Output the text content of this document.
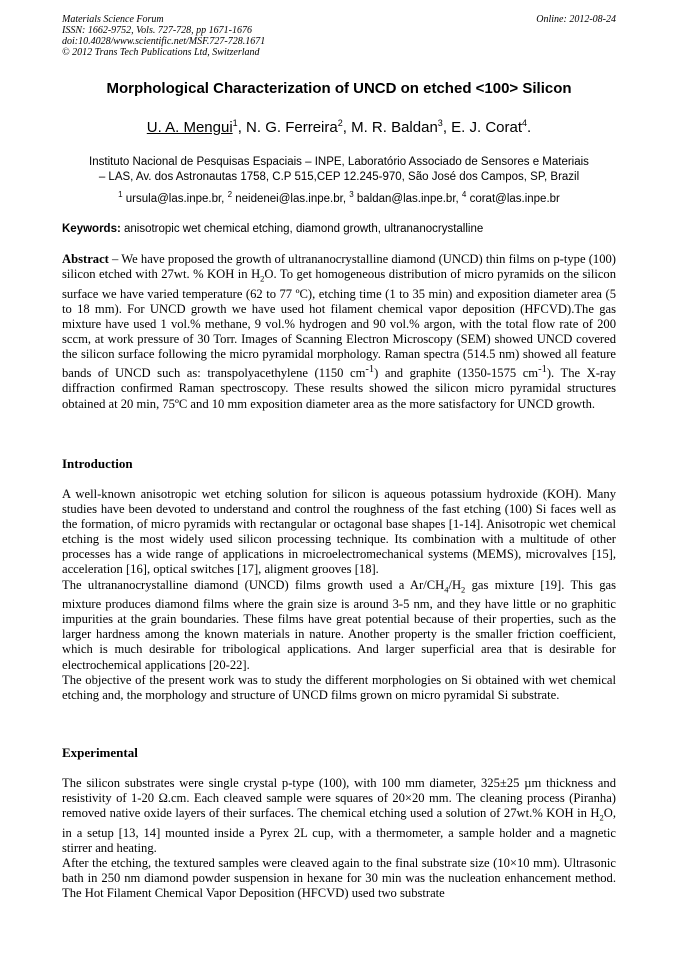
Materials Science Forum
ISSN: 1662-9752, Vols. 727-728, pp 1671-1676
doi:10.4028/www.scientific.net/MSF.727-728.1671
© 2012 Trans Tech Publications Ltd, Switzerland
Online: 2012-08-24
Morphological Characterization of UNCD on etched <100> Silicon
U. A. Mengui$^1$, N. G. Ferreira$^2$, M. R. Baldan$^3$, E. J. Corat$^4$.
Instituto Nacional de Pesquisas Espaciais – INPE, Laboratório Associado de Sensores e Materiais
– LAS, Av. dos Astronautas 1758, C.P 515,CEP 12.245-970, São José dos Campos, SP, Brazil
$^1$ ursula@las.inpe.br, $^2$ neidenei@las.inpe.br, $^3$ baldan@las.inpe.br, $^4$ corat@las.inpe.br
Keywords: anisotropic wet chemical etching, diamond growth, ultrananocrystalline
Abstract – We have proposed the growth of ultrananocrystalline diamond (UNCD) thin films on p-type (100) silicon etched with 27wt. % KOH in $H_2O$. To get homogeneous distribution of micro pyramids on the silicon surface we have varied temperature (62 to 77 ºC), etching time (1 to 35 min) and exposition diameter area (5 to 18 mm). For UNCD growth we have used hot filament chemical vapor deposition (HFCVD).The gas mixture have used 1 vol.% methane, 9 vol.% hydrogen and 90 vol.% argon, with the total flow rate of 200 sccm, at work pressure of 30 Torr. Images of Scanning Electron Microscopy (SEM) showed UNCD covered the silicon surface following the micro pyramidal morphology. Raman spectra (514.5 nm) showed all feature bands of UNCD such as: transpolyacethylene (1150 $cm^{-1}$) and graphite (1350-1575 $cm^{-1}$). The X-ray diffraction confirmed Raman spectroscopy. These results showed the silicon micro pyramidal structures obtained at 20 min, 75ºC and 10 mm exposition diameter area as the more satisfactory for UNCD growth.
Introduction

A well-known anisotropic wet etching solution for silicon is aqueous potassium hydroxide (KOH). Many studies have been devoted to understand and control the roughness of the fast etching (100) Si faces well as the formation, of micro pyramids with rectangular or octagonal base shapes [1-14]. Anisotropic wet chemical etching is the most widely used silicon processing technique. Its combination with a multitude of other processes has a wide range of applications in microelectromechanical systems (MEMS), microvalves [15], acceleration [16], optical switches [17], aligment grooves [18].

The ultrananocrystalline diamond (UNCD) films growth used a $Ar/CH_4/H_2$ gas mixture [19]. This gas mixture produces diamond films where the grain size is around 3-5 nm, and they have little or no graphitic impurities at the grain boundaries. These films have great potential because of their properties, such as the larger hardness among the known materials in nature. Another property is the smaller friction coefficient, which is much desirable for tribological applications. And larger superficial area that is desirable for electrochemical applications [20-22].

The objective of the present work was to study the different morphologies on Si obtained with wet chemical etching and, the morphology and structure of UNCD films grown on micro pyramidal Si substrate.

Experimental

The silicon substrates were single crystal p-type (100), with 100 mm diameter, 325±25 µm thickness and resistivity of 1-20 Ω.cm. Each cleaved sample were squares of 20×20 mm. The cleaning process (Piranha) removed native oxide layers of their surfaces. The chemical etching used a solution of 27wt.% KOH in $H_2O$, in a setup [13, 14] mounted inside a Pyrex 2L cup, with a thermometer, a sample holder and a magnetic stirrer and heating.

After the etching, the textured samples were cleaved again to the final substrate size (10×10 mm). Ultrasonic bath in 250 nm diamond powder suspension in hexane for 30 min was the nucleation enhancement method. The Hot Filament Chemical Vapor Deposition (HFCVD) used two substrate
